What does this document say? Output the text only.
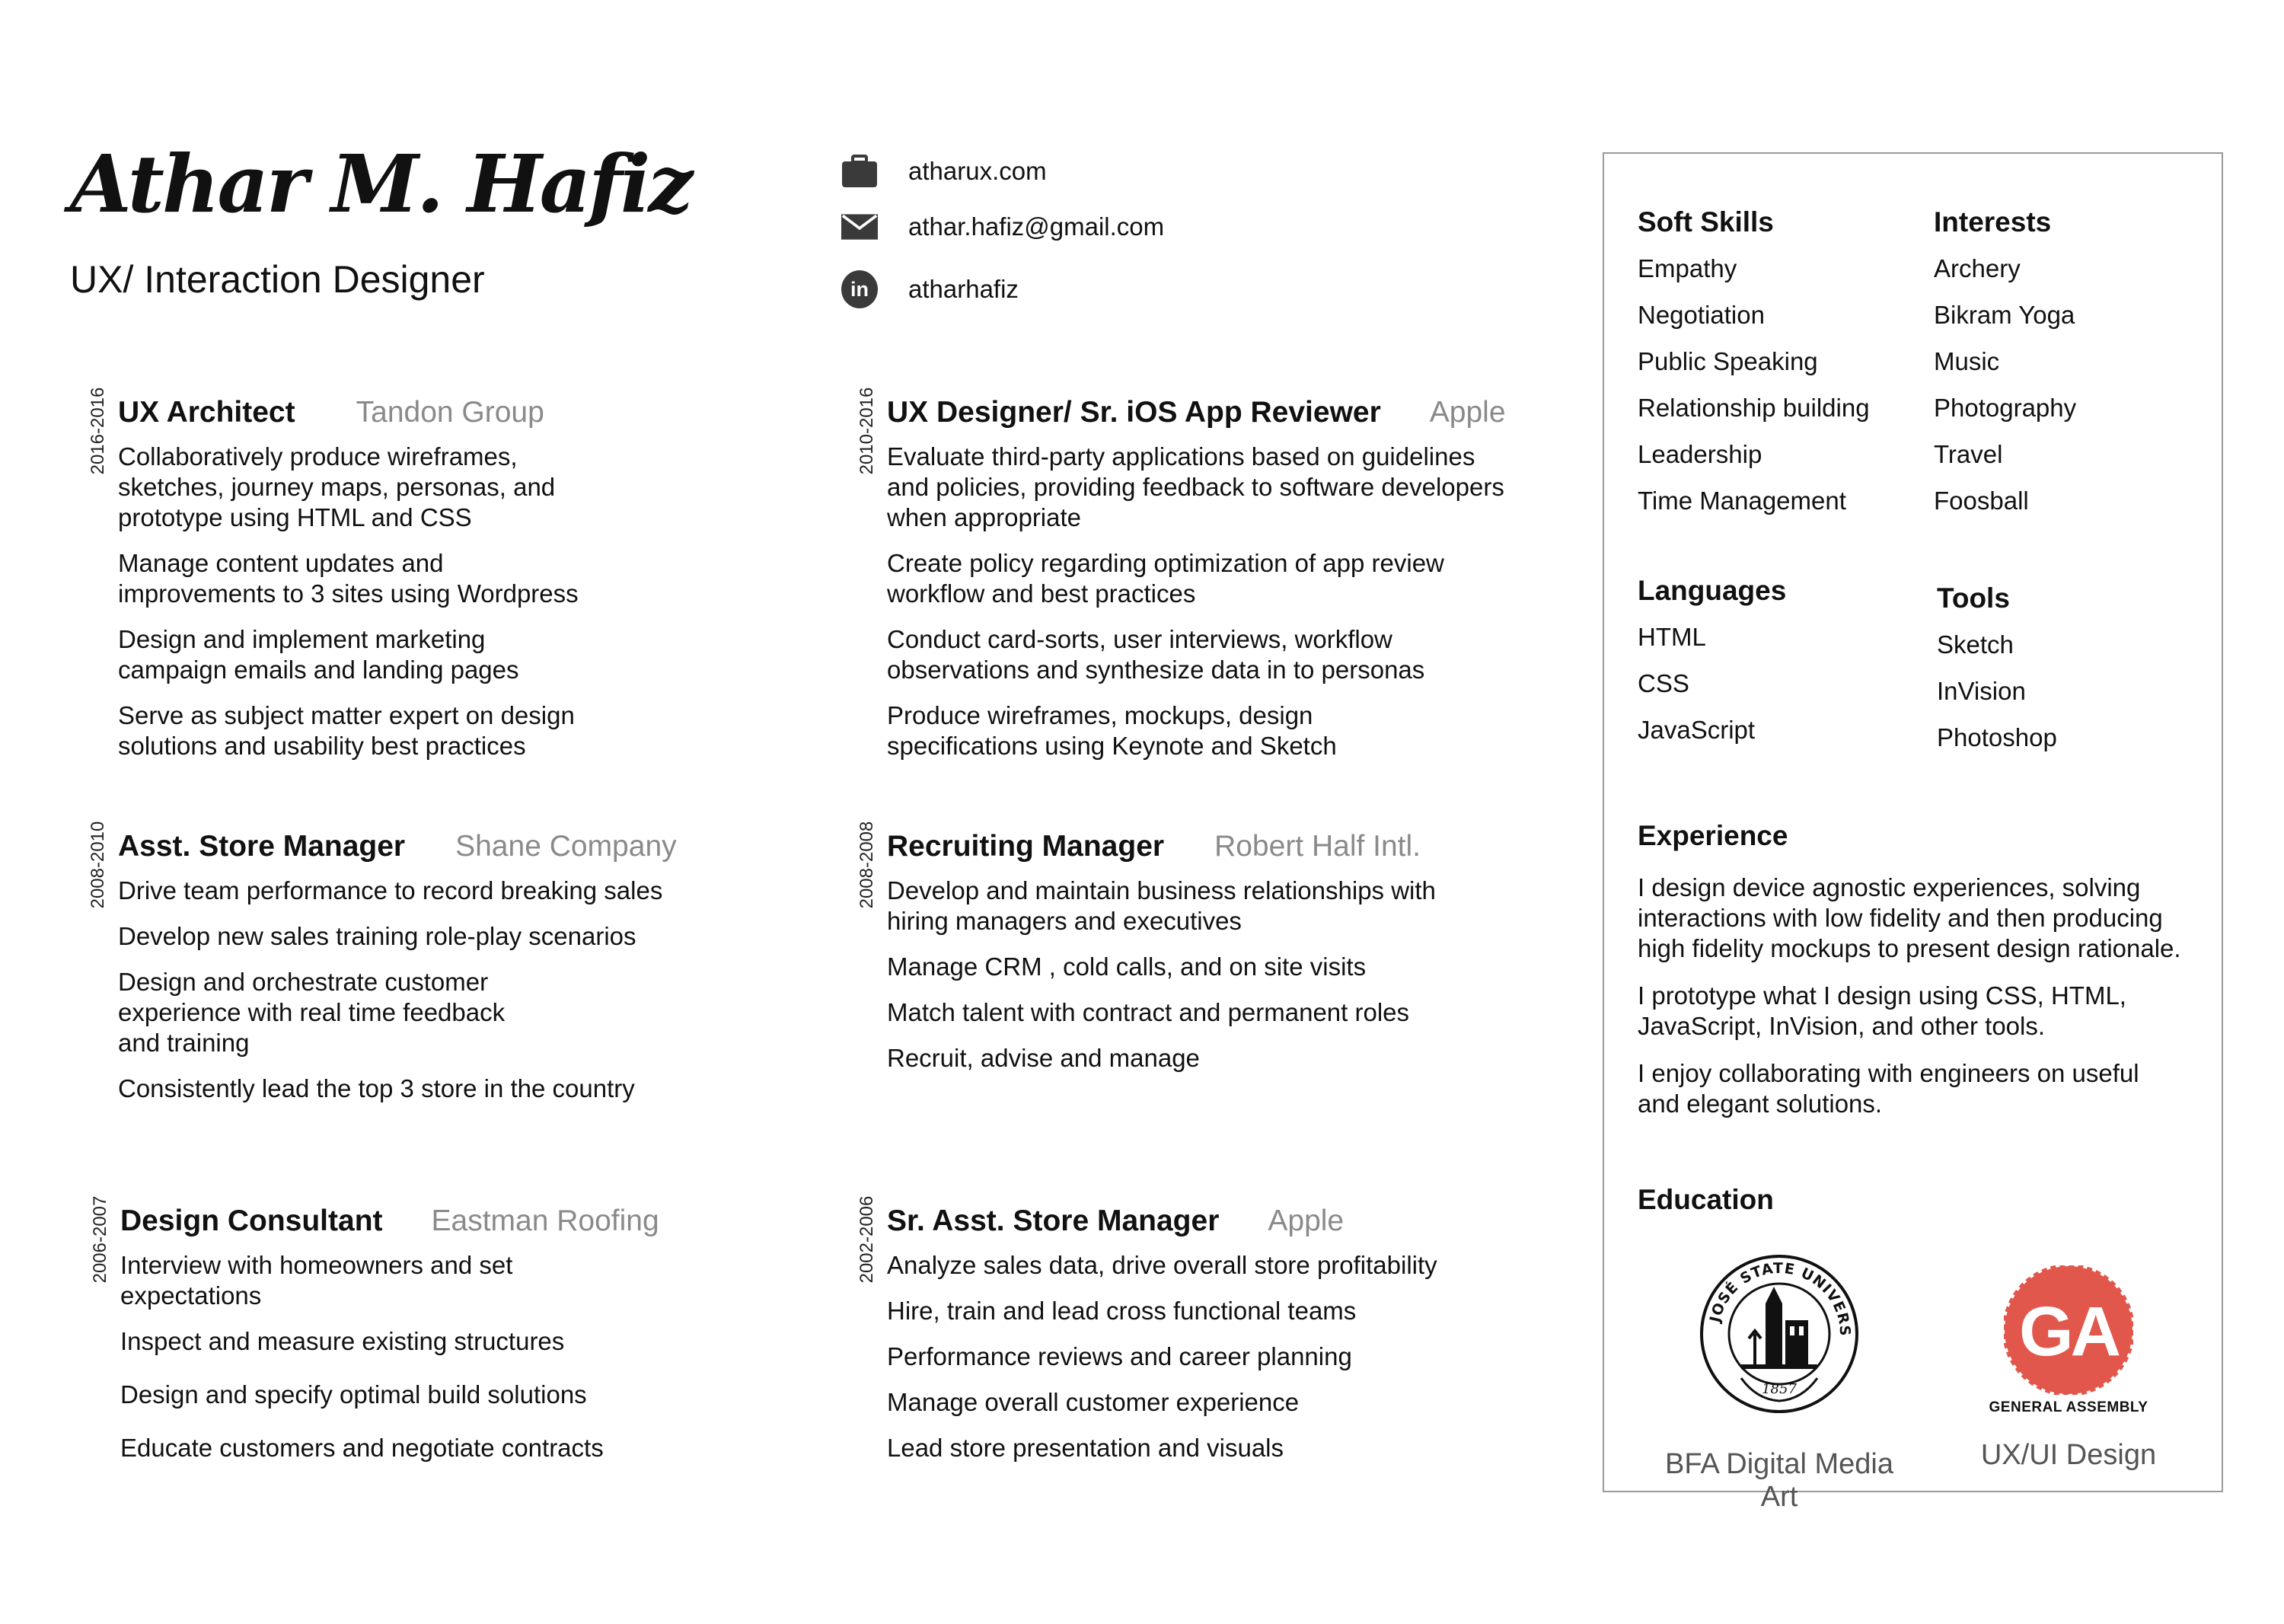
Athar M. Hafiz
UX/ Interaction Designer
atharux.com
athar.hafiz@gmail.com
in	atharhafiz
2016-2016 UX Architect Tandon Group
Collaboratively produce wireframes, sketches, journey maps, personas, and prototype using HTML and CSS
Manage content updates and improvements to 3 sites using Wordpress
Design and implement marketing campaign emails and landing pages
Serve as subject matter expert on design solutions and usability best practices
2010-2016 UX Designer/ Sr. iOS App Reviewer Apple
Evaluate third-party applications based on guidelines and policies, providing feedback to software developers when appropriate
Create policy regarding optimization of app review workflow and best practices
Conduct card-sorts, user interviews, workflow observations and synthesize data in to personas
Produce wireframes, mockups, design specifications using Keynote and Sketch
2008-2010 Asst. Store Manager Shane Company
Drive team performance to record breaking sales
Develop new sales training role-play scenarios
Design and orchestrate customer experience with real time feedback and training
Consistently lead the top 3 store in the country
2008-2008 Recruiting Manager Robert Half Intl.
Develop and maintain business relationships with hiring managers and executives
Manage CRM , cold calls, and on site visits
Match talent with contract and permanent roles
Recruit, advise and manage
2006-2007 Design Consultant Eastman Roofing
Interview with homeowners and set expectations
Inspect and measure existing structures
Design and specify optimal build solutions
Educate customers and negotiate contracts
2002-2006 Sr. Asst. Store Manager Apple
Analyze sales data, drive overall store profitability
Hire, train and lead cross functional teams
Performance reviews and career planning
Manage overall customer experience
Lead store presentation and visuals
Soft Skills
Empathy
Negotiation
Public Speaking
Relationship building
Leadership
Time Management
Interests
Archery
Bikram Yoga
Music
Photography
Travel
Foosball
Languages
HTML
CSS
JavaScript
Tools
Sketch
InVision
Photoshop
Experience

I design device agnostic experiences, solving interactions with low fidelity and then producing high fidelity mockups to present design rationale.

I prototype what I design using CSS, HTML, JavaScript, InVision, and other tools.

I enjoy collaborating with engineers on useful and elegant solutions.

Education
JOSÉ STATE UNIVERS
1857
BFA Digital Media Art
GA
GENERAL ASSEMBLY
UX/UI Design
